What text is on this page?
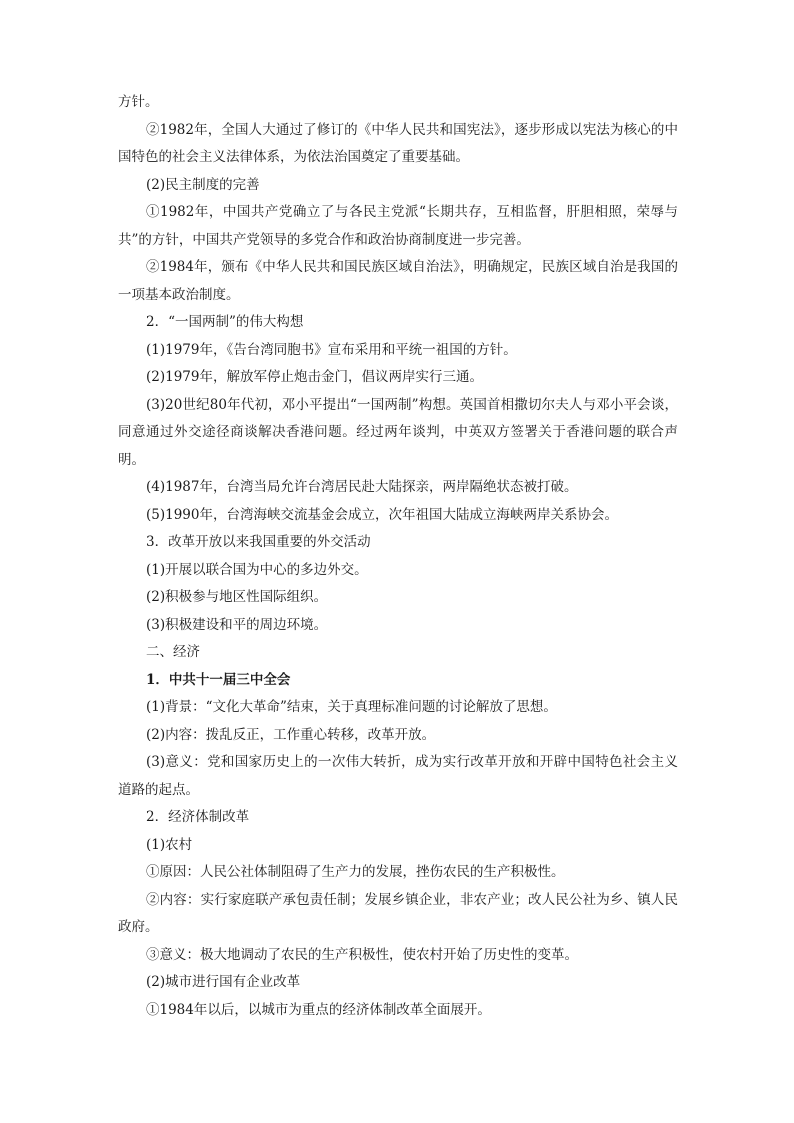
方针。

②1982年，全国人大通过了修订的《中华人民共和国宪法》，逐步形成以宪法为核心的中国特色的社会主义法律体系，为依法治国奠定了重要基础。

(2)民主制度的完善

①1982年，中国共产党确立了与各民主党派“长期共存，互相监督，肝胆相照，荣辱与共”的方针，中国共产党领导的多党合作和政治协商制度进一步完善。

②1984年，颁布《中华人民共和国民族区域自治法》，明确规定，民族区域自治是我国的一项基本政治制度。

2．“一国两制”的伟大构想

(1)1979年，《告台湾同胞书》宣布采用和平统一祖国的方针。

(2)1979年，解放军停止炮击金门，倡议两岸实行三通。

(3)20世纪80年代初，邓小平提出“一国两制”构想。英国首相撒切尔夫人与邓小平会谈，同意通过外交途径商谈解决香港问题。经过两年谈判，中英双方签署关于香港问题的联合声明。

(4)1987年，台湾当局允许台湾居民赴大陆探亲，两岸隔绝状态被打破。

(5)1990年，台湾海峡交流基金会成立，次年祖国大陆成立海峡两岸关系协会。

3．改革开放以来我国重要的外交活动

(1)开展以联合国为中心的多边外交。

(2)积极参与地区性国际组织。

(3)积极建设和平的周边环境。

二、经济

1．中共十一届三中全会

(1)背景：“文化大革命”结束，关于真理标准问题的讨论解放了思想。

(2)内容：拨乱反正，工作重心转移，改革开放。

(3)意义：党和国家历史上的一次伟大转折，成为实行改革开放和开辟中国特色社会主义道路的起点。

2．经济体制改革

(1)农村

①原因：人民公社体制阻碍了生产力的发展，挫伤农民的生产积极性。

②内容：实行家庭联产承包责任制；发展乡镇企业，非农产业；改人民公社为乡、镇人民政府。

③意义：极大地调动了农民的生产积极性，使农村开始了历史性的变革。

(2)城市进行国有企业改革

①1984年以后，以城市为重点的经济体制改革全面展开。
